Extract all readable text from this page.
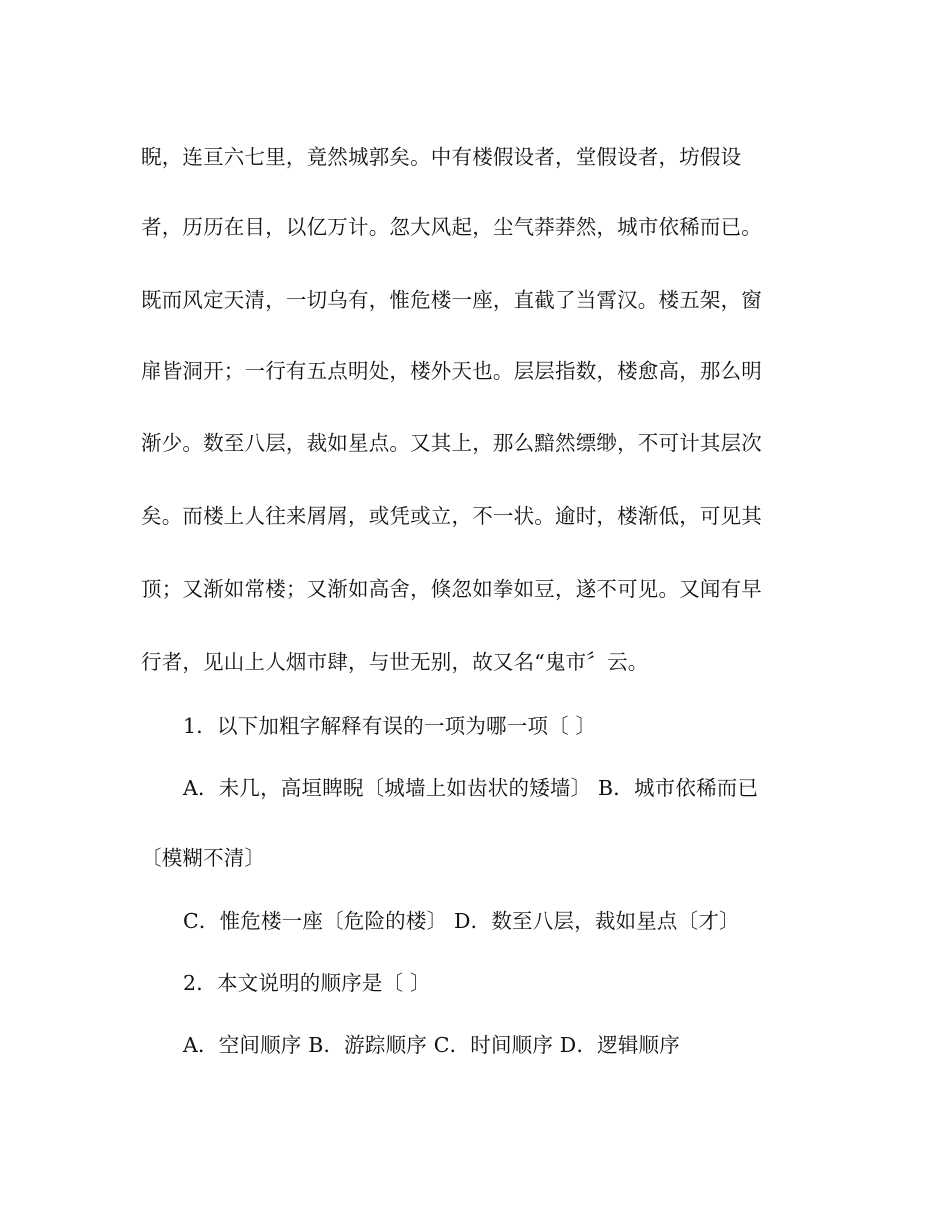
睨，连亘六七里，竟然城郭矣。中有楼假设者，堂假设者，坊假设
者，历历在目，以亿万计。忽大风起，尘气莽莽然，城市依稀而已。
既而风定天清，一切乌有，惟危楼一座，直截了当霄汉。楼五架，窗
扉皆洞开；一行有五点明处，楼外天也。层层指数，楼愈高，那么明
渐少。数至八层，裁如星点。又其上，那么黯然缥缈，不可计其层次
矣。而楼上人往来屑屑，或凭或立，不一状。逾时，楼渐低，可见其
顶；又渐如常楼；又渐如高舍，倏忽如拳如豆，遂不可见。又闻有早
行者，见山上人烟市肆，与世无别，故又名“鬼市〞云。
1．以下加粗字解释有误的一项为哪一项〔 〕
A．未几，高垣睥睨〔城墙上如齿状的矮墙〕 B．城市依稀而已
〔模糊不清〕
C．惟危楼一座〔危险的楼〕 D．数至八层，裁如星点〔才〕
2．本文说明的顺序是〔 〕
A．空间顺序 B．游踪顺序 C．时间顺序 D．逻辑顺序
